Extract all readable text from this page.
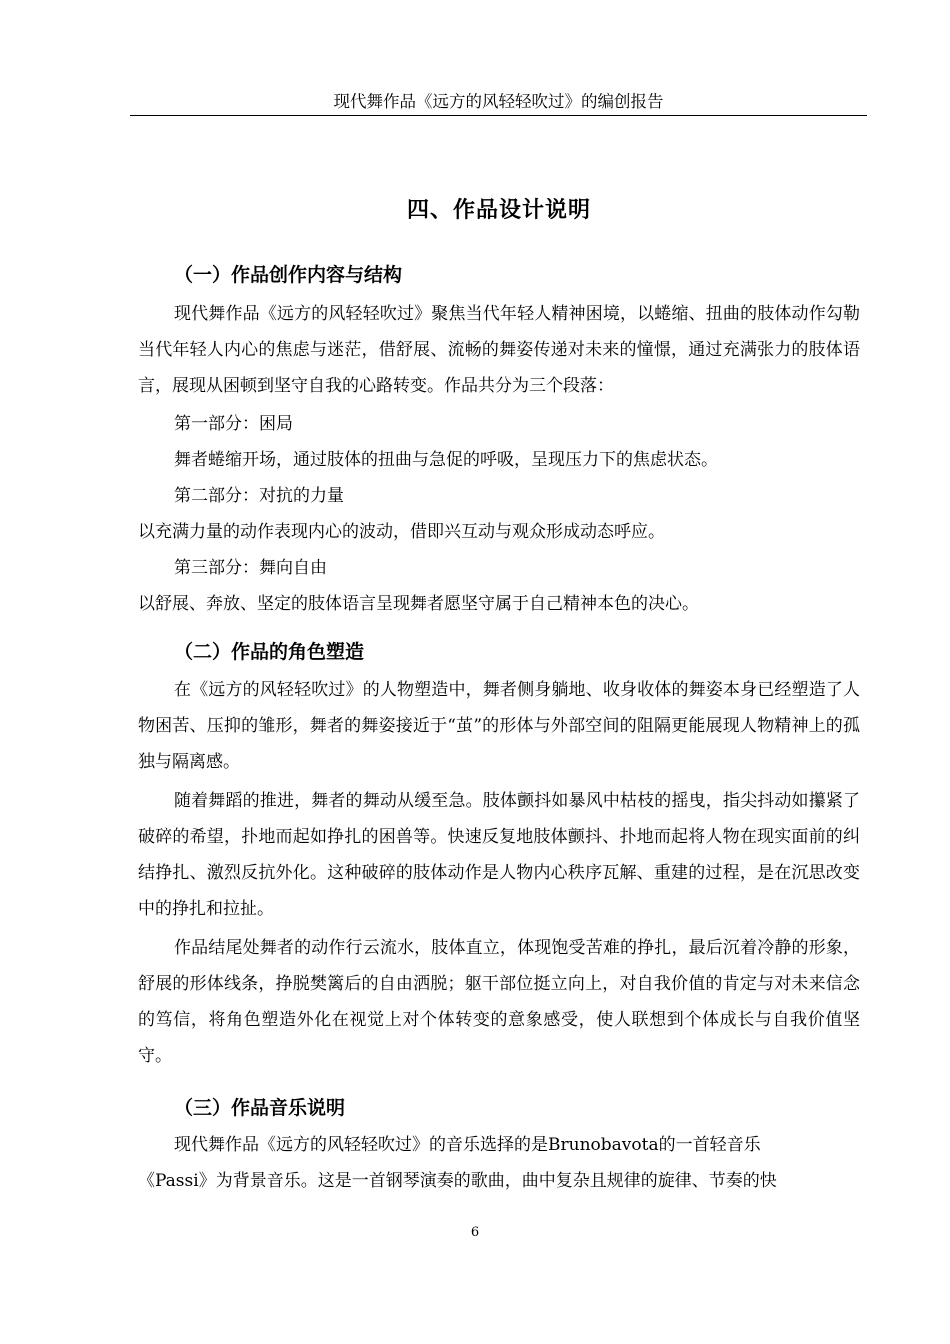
现代舞作品《远方的风轻轻吹过》的编创报告
四、作品设计说明
（一）作品创作内容与结构

现代舞作品《远方的风轻轻吹过》聚焦当代年轻人精神困境，以蜷缩、扭曲的肢体动作勾勒当代年轻人内心的焦虑与迷茫，借舒展、流畅的舞姿传递对未来的憧憬，通过充满张力的肢体语言，展现从困顿到坚守自我的心路转变。作品共分为三个段落：

第一部分：困局
舞者蜷缩开场，通过肢体的扭曲与急促的呼吸，呈现压力下的焦虑状态。
第二部分：对抗的力量
以充满力量的动作表现内心的波动，借即兴互动与观众形成动态呼应。
第三部分：舞向自由
以舒展、奔放、坚定的肢体语言呈现舞者愿坚守属于自己精神本色的决心。
（二）作品的角色塑造

在《远方的风轻轻吹过》的人物塑造中，舞者侧身躺地、收身收体的舞姿本身已经塑造了人物困苦、压抑的雏形，舞者的舞姿接近于“茧”的形体与外部空间的阻隔更能展现人物精神上的孤独与隔离感。

随着舞蹈的推进，舞者的舞动从缓至急。肢体颤抖如暴风中枯枝的摇曳，指尖抖动如攥紧了破碎的希望，扑地而起如挣扎的困兽等。快速反复地肢体颤抖、扑地而起将人物在现实面前的纠结挣扎、激烈反抗外化。这种破碎的肢体动作是人物内心秩序瓦解、重建的过程，是在沉思改变中的挣扎和拉扯。

作品结尾处舞者的动作行云流水，肢体直立，体现饱受苦难的挣扎，最后沉着冷静的形象，舒展的形体线条，挣脱樊篱后的自由洒脱；躯干部位挺立向上，对自我价值的肯定与对未来信念的笃信，将角色塑造外化在视觉上对个体转变的意象感受，使人联想到个体成长与自我价值坚守。

（三）作品音乐说明
现代舞作品《远方的风轻轻吹过》的音乐选择的是Brunobavota的一首轻音乐
《Passi》为背景音乐。这是一首钢琴演奏的歌曲，曲中复杂且规律的旋律、节奏的快
6
